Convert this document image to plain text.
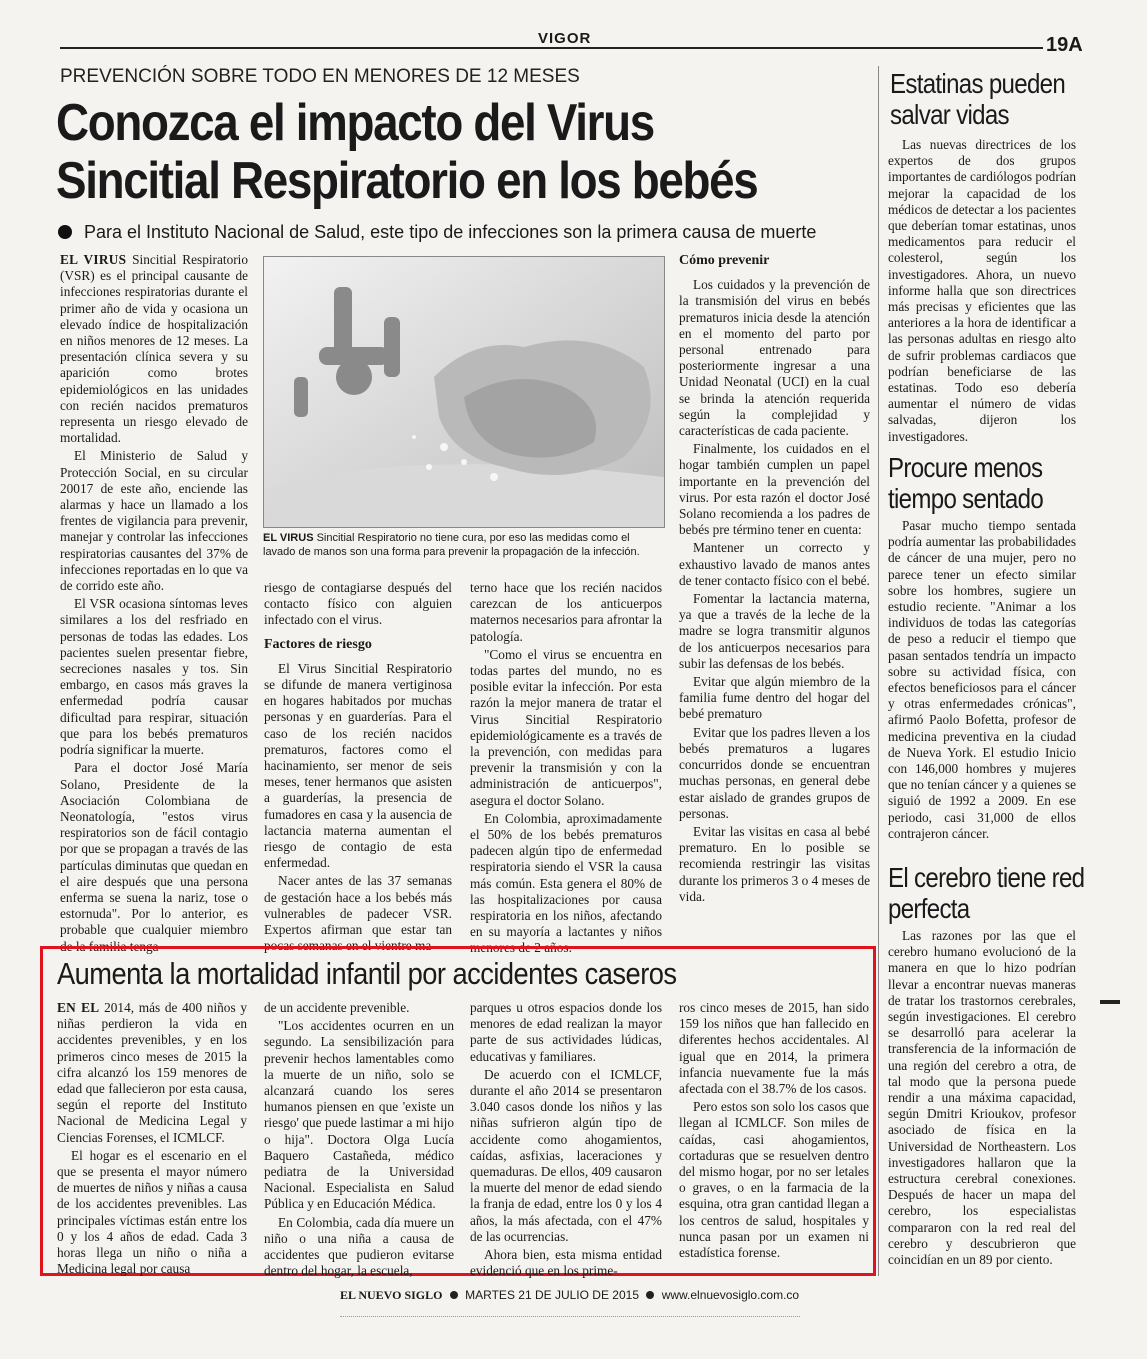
VIGOR	19A
PREVENCIÓN SOBRE TODO EN MENORES DE 12 MESES
Conozca el impacto del Virus
Sincitial Respiratorio en los bebés
Para el Instituto Nacional de Salud, este tipo de infecciones son la primera causa de muerte

EL VIRUS Sincitial Respiratorio (VSR) es el principal causante de infecciones respiratorias durante el primer año de vida y ocasiona un elevado índice de hospitalización en niños menores de 12 meses. La presentación clínica severa y su aparición como brotes epidemiológicos en las unidades con recién nacidos prematuros representa un riesgo elevado de mortalidad.

El Ministerio de Salud y Protección Social, en su circular 20017 de este año, enciende las alarmas y hace un llamado a los frentes de vigilancia para prevenir, manejar y controlar las infecciones respiratorias causantes del 37% de infecciones reportadas en lo que va de corrido este año.

El VSR ocasiona síntomas leves similares a los del resfriado en personas de todas las edades. Los pacientes suelen presentar fiebre, secreciones nasales y tos. Sin embargo, en casos más graves la enfermedad podría causar dificultad para respirar, situación que para los bebés prematuros podría significar la muerte.

Para el doctor José María Solano, Presidente de la Asociación Colombiana de Neonatología, "estos virus respiratorios son de fácil contagio por que se propagan a través de las partículas diminutas que quedan en el aire después que una persona enferma se suena la nariz, tose o estornuda". Por lo anterior, es probable que cualquier miembro de la familia tenga

EL VIRUS Sincitial Respiratorio no tiene cura, por eso las medidas como el lavado de manos son una forma para prevenir la propagación de la infección.

riesgo de contagiarse después del contacto físico con alguien infectado con el virus.

Factores de riesgo

El Virus Sincitial Respiratorio se difunde de manera vertiginosa en hogares habitados por muchas personas y en guarderías. Para el caso de los recién nacidos prematuros, factores como el hacinamiento, ser menor de seis meses, tener hermanos que asisten a guarderías, la presencia de fumadores en casa y la ausencia de lactancia materna aumentan el riesgo de contagio de esta enfermedad.

Nacer antes de las 37 semanas de gestación hace a los bebés más vulnerables de padecer VSR. Expertos afirman que estar tan pocas semanas en el vientre ma-

terno hace que los recién nacidos carezcan de los anticuerpos maternos necesarios para afrontar la patología.

"Como el virus se encuentra en todas partes del mundo, no es posible evitar la infección. Por esta razón la mejor manera de tratar el Virus Sincitial Respiratorio epidemiológicamente es a través de la prevención, con medidas para prevenir la transmisión y con la administración de anticuerpos", asegura el doctor Solano.

En Colombia, aproximadamente el 50% de los bebés prematuros padecen algún tipo de enfermedad respiratoria siendo el VSR la causa más común. Esta genera el 80% de las hospitalizaciones por causa respiratoria en los niños, afectando en su mayoría a lactantes y niños menores de 2 años.

Cómo prevenir

Los cuidados y la prevención de la transmisión del virus en bebés prematuros inicia desde la atención en el momento del parto por personal entrenado para posteriormente ingresar a una Unidad Neonatal (UCI) en la cual se brinda la atención requerida según la complejidad y características de cada paciente.

Finalmente, los cuidados en el hogar también cumplen un papel importante en la prevención del virus. Por esta razón el doctor José Solano recomienda a los padres de bebés pre término tener en cuenta:

Mantener un correcto y exhaustivo lavado de manos antes de tener contacto físico con el bebé.

Fomentar la lactancia materna, ya que a través de la leche de la madre se logra transmitir algunos de los anticuerpos necesarios para subir las defensas de los bebés.

Evitar que algún miembro de la familia fume dentro del hogar del bebé prematuro

Evitar que los padres lleven a los bebés prematuros a lugares concurridos donde se encuentran muchas personas, en general debe estar aislado de grandes grupos de personas.

Evitar las visitas en casa al bebé prematuro. En lo posible se recomienda restringir las visitas durante los primeros 3 o 4 meses de vida.

Estatinas pueden salvar vidas

Las nuevas directrices de los expertos de dos grupos importantes de cardiólogos podrían mejorar la capacidad de los médicos de detectar a los pacientes que deberían tomar estatinas, unos medicamentos para reducir el colesterol, según los investigadores. Ahora, un nuevo informe halla que son directrices más precisas y eficientes que las anteriores a la hora de identificar a las personas adultas en riesgo alto de sufrir problemas cardiacos que podrían beneficiarse de las estatinas. Todo eso debería aumentar el número de vidas salvadas, dijeron los investigadores.

Procure menos tiempo sentado

Pasar mucho tiempo sentada podría aumentar las probabilidades de cáncer de una mujer, pero no parece tener un efecto similar sobre los hombres, sugiere un estudio reciente. "Animar a los individuos de todas las categorías de peso a reducir el tiempo que pasan sentados tendría un impacto sobre su actividad física, con efectos beneficiosos para el cáncer y otras enfermedades crónicas", afirmó Paolo Bofetta, profesor de medicina preventiva en la ciudad de Nueva York. El estudio Inicio con 146,000 hombres y mujeres que no tenían cáncer y a quienes se siguió de 1992 a 2009. En ese periodo, casi 31,000 de ellos contrajeron cáncer.

El cerebro tiene red perfecta

Las razones por las que el cerebro humano evolucionó de la manera en que lo hizo podrían llevar a encontrar nuevas maneras de tratar los trastornos cerebrales, según investigaciones. El cerebro se desarrolló para acelerar la transferencia de la información de una región del cerebro a otra, de tal modo que la persona puede rendir a una máxima capacidad, según Dmitri Krioukov, profesor asociado de física en la Universidad de Northeastern. Los investigadores hallaron que la estructura cerebral conexiones. Después de hacer un mapa del cerebro, los especialistas compararon con la red real del cerebro y descubrieron que coincidían en un 89 por ciento.

Aumenta la mortalidad infantil por accidentes caseros

EN EL 2014, más de 400 niños y niñas perdieron la vida en accidentes prevenibles, y en los primeros cinco meses de 2015 la cifra alcanzó los 159 menores de edad que fallecieron por esta causa, según el reporte del Instituto Nacional de Medicina Legal y Ciencias Forenses, el ICMLCF.

El hogar es el escenario en el que se presenta el mayor número de muertes de niños y niñas a causa de los accidentes prevenibles. Las principales víctimas están entre los 0 y los 4 años de edad. Cada 3 horas llega un niño o niña a Medicina legal por causa

de un accidente prevenible.

"Los accidentes ocurren en un segundo. La sensibilización para prevenir hechos lamentables como la muerte de un niño, solo se alcanzará cuando los seres humanos piensen en que 'existe un riesgo' que puede lastimar a mi hijo o hija". Doctora Olga Lucía Baquero Castañeda, médico pediatra de la Universidad Nacional. Especialista en Salud Pública y en Educación Médica.

En Colombia, cada día muere un niño o una niña a causa de accidentes que pudieron evitarse dentro del hogar, la escuela,

parques u otros espacios donde los menores de edad realizan la mayor parte de sus actividades lúdicas, educativas y familiares.

De acuerdo con el ICMLCF, durante el año 2014 se presentaron 3.040 casos donde los niños y las niñas sufrieron algún tipo de accidente como ahogamientos, caídas, asfixias, laceraciones y quemaduras. De ellos, 409 causaron la muerte del menor de edad siendo la franja de edad, entre los 0 y los 4 años, la más afectada, con el 47% de las ocurrencias.

Ahora bien, esta misma entidad evidenció que en los prime-

ros cinco meses de 2015, han sido 159 los niños que han fallecido en diferentes hechos accidentales. Al igual que en 2014, la primera infancia nuevamente fue la más afectada con el 38.7% de los casos.

Pero estos son solo los casos que llegan al ICMLCF. Son miles de caídas, casi ahogamientos, cortaduras que se resuelven dentro del mismo hogar, por no ser letales o graves, o en la farmacia de la esquina, otra gran cantidad llegan a los centros de salud, hospitales y nunca pasan por un examen ni estadística forense.

EL NUEVO SIGLO MARTES 21 DE JULIO DE 2015 www.elnuevosiglo.com.co
